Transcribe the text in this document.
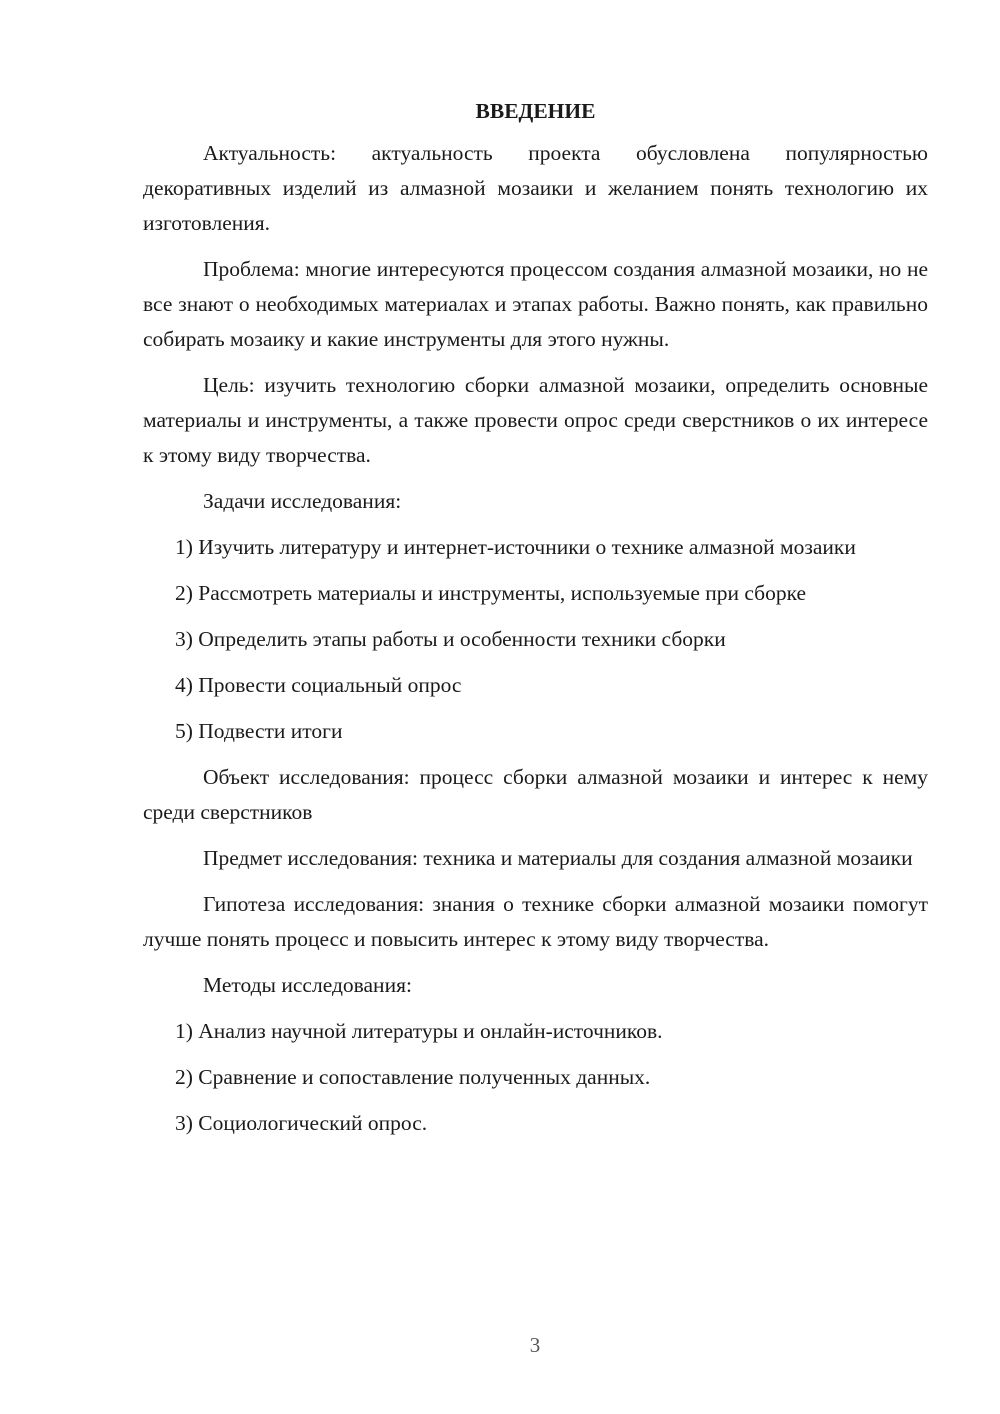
ВВЕДЕНИЕ

Актуальность: актуальность проекта обусловлена популярностью декоративных изделий из алмазной мозаики и желанием понять технологию их изготовления.

Проблема: многие интересуются процессом создания алмазной мозаики, но не все знают о необходимых материалах и этапах работы. Важно понять, как правильно собирать мозаику и какие инструменты для этого нужны.

Цель: изучить технологию сборки алмазной мозаики, определить основные материалы и инструменты, а также провести опрос среди сверстников о их интересе к этому виду творчества.

Задачи исследования:

1) Изучить литературу и интернет-источники о технике алмазной мозаики

2) Рассмотреть материалы и инструменты, используемые при сборке

3) Определить этапы работы и особенности техники сборки

4) Провести социальный опрос

5) Подвести итоги

Объект исследования: процесс сборки алмазной мозаики и интерес к нему среди сверстников

Предмет исследования: техника и материалы для создания алмазной мозаики

Гипотеза исследования: знания о технике сборки алмазной мозаики помогут лучше понять процесс и повысить интерес к этому виду творчества.

Методы исследования:

1) Анализ научной литературы и онлайн-источников.

2) Сравнение и сопоставление полученных данных.

3) Социологический опрос.

3
